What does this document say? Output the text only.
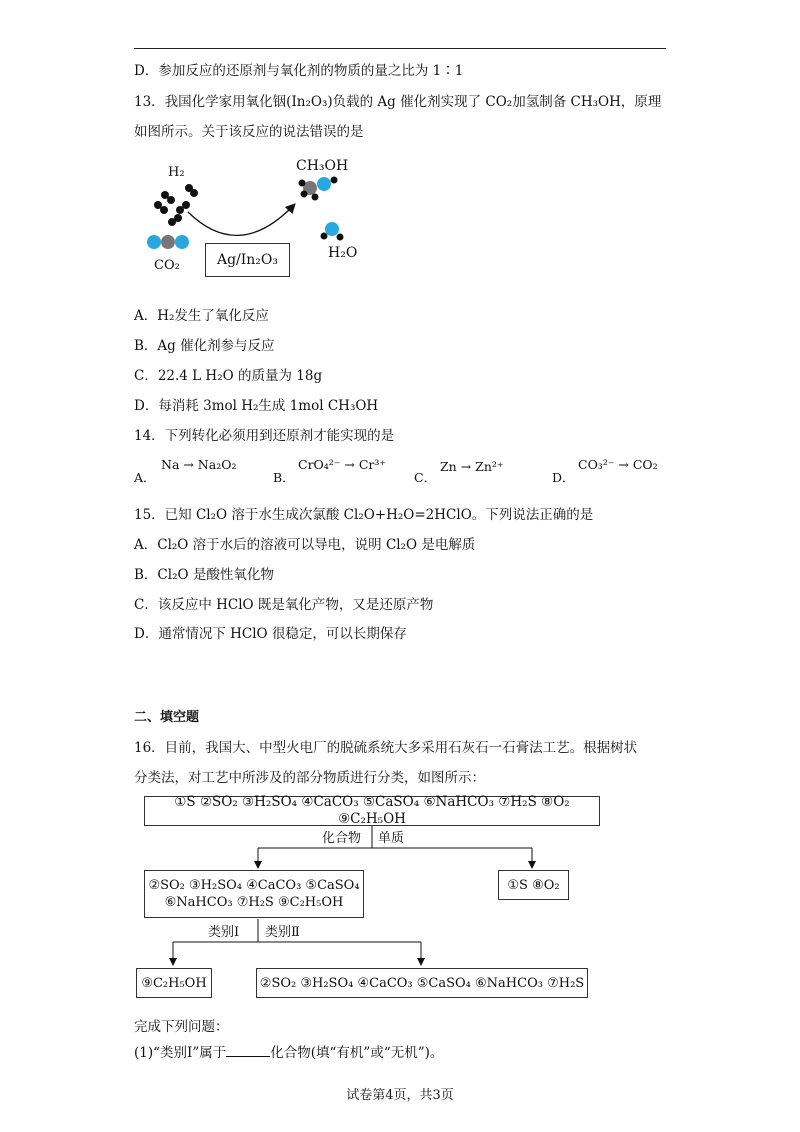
D．参加反应的还原剂与氧化剂的物质的量之比为 1∶1
13．我国化学家用氧化铟(In₂O₃)负载的 Ag 催化剂实现了 CO₂加氢制备 CH₃OH，原理
如图所示。关于该反应的说法错误的是
H₂
CO₂	Ag/In₂O₃
CH₃OH
H₂O
A．H₂发生了氧化反应
B．Ag 催化剂参与反应
C．22.4 L H₂O 的质量为 18g
D．每消耗 3mol H₂生成 1mol CH₃OH
14．下列转化必须用到还原剂才能实现的是
A．
Na → Na₂O₂
B．
CrO₄²⁻ → Cr³⁺
C．
Zn → Zn²⁺
D．
CO₃²⁻ → CO₂
15．已知 Cl₂O 溶于水生成次氯酸 Cl₂O+H₂O=2HClO。下列说法正确的是
A．Cl₂O 溶于水后的溶液可以导电，说明 Cl₂O 是电解质
B．Cl₂O 是酸性氧化物
C．该反应中 HClO 既是氧化产物，又是还原产物
D．通常情况下 HClO 很稳定，可以长期保存
二、填空题
16．目前，我国大、中型火电厂的脱硫系统大多采用石灰石一石膏法工艺。根据树状
分类法，对工艺中所涉及的部分物质进行分类，如图所示：
①S ②SO₂ ③H₂SO₄ ④CaCO₃ ⑤CaSO₄ ⑥NaHCO₃ ⑦H₂S ⑧O₂ ⑨C₂H₅OH
化合物 单质
②SO₂ ③H₂SO₄ ④CaCO₃ ⑤CaSO₄
⑥NaHCO₃ ⑦H₂S ⑨C₂H₅OH
①S ⑧O₂
类别Ⅰ 类别Ⅱ
⑨C₂H₅OH	②SO₂ ③H₂SO₄ ④CaCO₃ ⑤CaSO₄ ⑥NaHCO₃ ⑦H₂S
完成下列问题：
(1)“类别Ⅰ”属于	化合物(填“有机”或“无机”)。
试卷第4页，共3页
